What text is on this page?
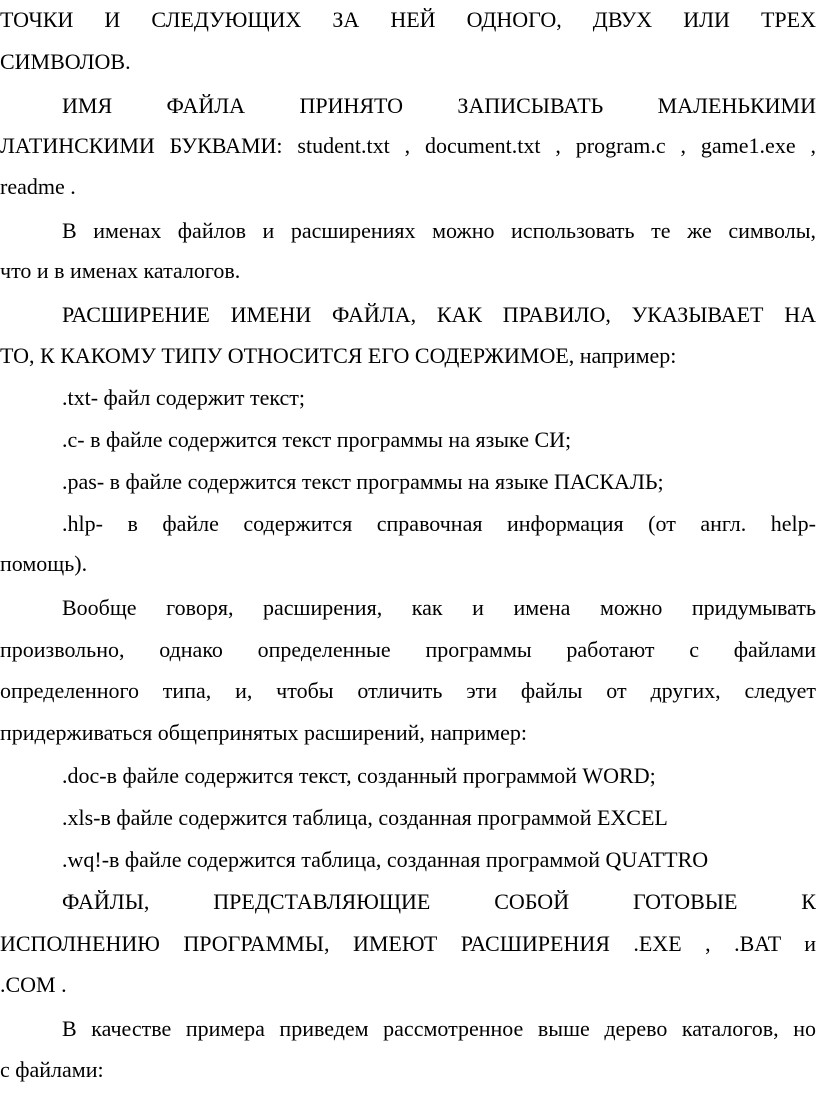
ТОЧКИ И СЛЕДУЮЩИХ ЗА НЕЙ ОДНОГО, ДВУХ ИЛИ ТРЕХ
СИМВОЛОВ.
ИМЯ ФАЙЛА ПРИНЯТО ЗАПИСЫВАТЬ МАЛЕНЬКИМИ
ЛАТИНСКИМИ БУКВАМИ: student.txt , document.txt , program.c , game1.exe ,
readme .
В именах файлов и расширениях можно использовать те же символы,
что и в именах каталогов.
РАСШИРЕНИЕ ИМЕНИ ФАЙЛА, КАК ПРАВИЛО, УКАЗЫВАЕТ НА
ТО, К КАКОМУ ТИПУ ОТНОСИТСЯ ЕГО СОДЕРЖИМОЕ, например:
.txt- файл содержит текст;
.c- в файле содержится текст программы на языке СИ;
.pas- в файле содержится текст программы на языке ПАСКАЛЬ;
.hlp- в файле содержится справочная информация (от англ. help-
помощь).
Вообще говоря, расширения, как и имена можно придумывать
произвольно, однако определенные программы работают с файлами
определенного типа, и, чтобы отличить эти файлы от других, следует
придерживаться общепринятых расширений, например:
.doc-в файле содержится текст, созданный программой WORD;
.xls-в файле содержится таблица, созданная программой EXCEL
.wq!-в файле содержится таблица, созданная программой QUATTRO
ФАЙЛЫ, ПРЕДСТАВЛЯЮЩИЕ СОБОЙ ГОТОВЫЕ К
ИСПОЛНЕНИЮ ПРОГРАММЫ, ИМЕЮТ РАСШИРЕНИЯ .EXE , .BAT и
.COM .
В качестве примера приведем рассмотренное выше дерево каталогов, но
с файлами:
